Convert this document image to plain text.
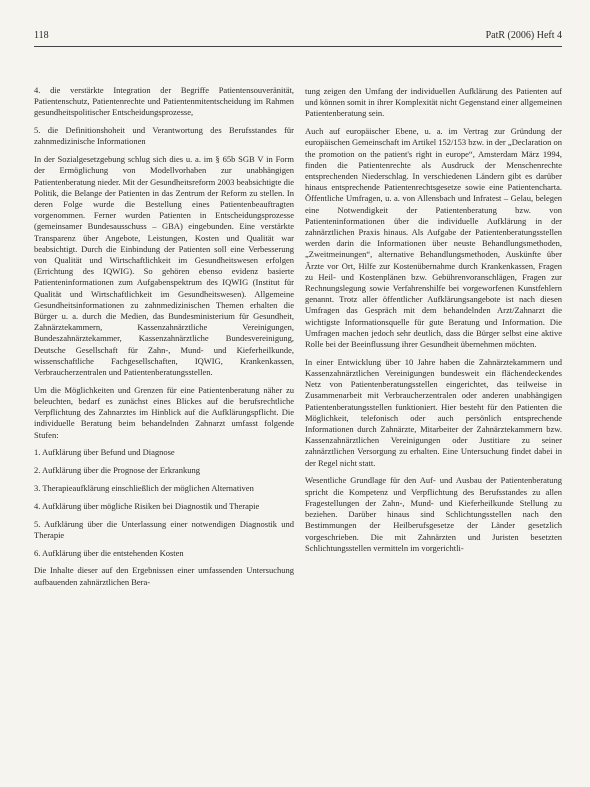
118	PatR (2006) Heft 4

4. die verstärkte Integration der Begriffe Patientensouveränität, Patientenschutz, Patientenrechte und Patientenmitentscheidung im Rahmen gesundheitspolitischer Entscheidungsprozesse,

5. die Definitionshoheit und Verantwortung des Berufsstandes für zahnmedizinische Informationen

In der Sozialgesetzgebung schlug sich dies u. a. im § 65b SGB V in Form der Ermöglichung von Modellvorhaben zur unabhängigen Patientenberatung nieder. Mit der Gesundheitsreform 2003 beabsichtigte die Politik, die Belange der Patienten in das Zentrum der Reform zu stellen. In deren Folge wurde die Bestellung eines Patientenbeauftragten vorgenommen. Ferner wurden Patienten in Entscheidungsprozesse (gemeinsamer Bundesausschuss – GBA) eingebunden. Eine verstärkte Transparenz über Angebote, Leistungen, Kosten und Qualität war beabsichtigt. Durch die Einbindung der Patienten soll eine Verbesserung von Qualität und Wirtschaftlichkeit im Gesundheitswesen erfolgen (Errichtung des IQWIG). So gehören ebenso evidenz basierte Patienteninformationen zum Aufgabenspektrum des IQWIG (Institut für Qualität und Wirtschaftlichkeit im Gesundheitswesen). Allgemeine Gesundheitsinformationen zu zahnmedizinischen Themen erhalten die Bürger u. a. durch die Medien, das Bundesministerium für Gesundheit, Zahnärztekammern, Kassenzahnärztliche Vereinigungen, Bundeszahnärztekammer, Kassenzahnärztliche Bundesvereinigung, Deutsche Gesellschaft für Zahn-, Mund- und Kieferheilkunde, wissenschaftliche Fachgesellschaften, IQWIG, Krankenkassen, Verbraucherzentralen und Patientenberatungsstellen.

Um die Möglichkeiten und Grenzen für eine Patientenberatung näher zu beleuchten, bedarf es zunächst eines Blickes auf die berufsrechtliche Verpflichtung des Zahnarztes im Hinblick auf die Aufklärungspflicht. Die individuelle Beratung beim behandelnden Zahnarzt umfasst folgende Stufen:

1. Aufklärung über Befund und Diagnose

2. Aufklärung über die Prognose der Erkrankung

3. Therapieaufklärung einschließlich der möglichen Alternativen

4. Aufklärung über mögliche Risiken bei Diagnostik und Therapie

5. Aufklärung über die Unterlassung einer notwendigen Diagnostik und Therapie

6. Aufklärung über die entstehenden Kosten

Die Inhalte dieser auf den Ergebnissen einer umfassenden Untersuchung aufbauenden zahnärztlichen Bera-

tung zeigen den Umfang der individuellen Aufklärung des Patienten auf und können somit in ihrer Komplexität nicht Gegenstand einer allgemeinen Patientenberatung sein.

Auch auf europäischer Ebene, u. a. im Vertrag zur Gründung der europäischen Gemeinschaft im Artikel 152/153 bzw. in der „Declaration on the promotion on the patient's right in europe“, Amsterdam März 1994, finden die Patientenrechte als Ausdruck der Menschenrechte entsprechenden Niederschlag. In verschiedenen Ländern gibt es darüber hinaus entsprechende Patientenrechtsgesetze sowie eine Patientencharta. Öffentliche Umfragen, u. a. von Allensbach und Infratest – Gelau, belegen eine Notwendigkeit der Patientenberatung bzw. von Patienteninformationen über die individuelle Aufklärung in der zahnärztlichen Praxis hinaus. Als Aufgabe der Patientenberatungsstellen werden darin die Informationen über neuste Behandlungsmethoden, „Zweitmeinungen“, alternative Behandlungsmethoden, Auskünfte über Ärzte vor Ort, Hilfe zur Kostenübernahme durch Krankenkassen, Fragen zu Heil- und Kostenplänen bzw. Gebührenvoranschlägen, Fragen zur Rechnungslegung sowie Verfahrenshilfe bei vorgeworfenen Kunstfehlern genannt. Trotz aller öffentlicher Aufklärungsangebote ist nach diesen Umfragen das Gespräch mit dem behandelnden Arzt/Zahnarzt die wichtigste Informationsquelle für gute Beratung und Information. Die Umfragen machen jedoch sehr deutlich, dass die Bürger selbst eine aktive Rolle bei der Beeinflussung ihrer Gesundheit übernehmen möchten.

In einer Entwicklung über 10 Jahre haben die Zahnärztekammern und Kassenzahnärztlichen Vereinigungen bundesweit ein flächendeckendes Netz von Patientenberatungsstellen eingerichtet, das teilweise in Zusammenarbeit mit Verbraucherzentralen oder anderen unabhängigen Patientenberatungsstellen funktioniert. Hier besteht für den Patienten die Möglichkeit, telefonisch oder auch persönlich entsprechende Informationen durch Zahnärzte, Mitarbeiter der Zahnärztekammern bzw. Kassenzahnärztlichen Vereinigungen oder Justitiare zu seiner zahnärztlichen Versorgung zu erhalten. Eine Untersuchung findet dabei in der Regel nicht statt.

Wesentliche Grundlage für den Auf- und Ausbau der Patientenberatung spricht die Kompetenz und Verpflichtung des Berufsstandes zu allen Fragestellungen der Zahn-, Mund- und Kieferheilkunde Stellung zu beziehen. Darüber hinaus sind Schlichtungsstellen nach den Bestimmungen der Heilberufsgesetze der Länder gesetzlich vorgeschrieben. Die mit Zahnärzten und Juristen besetzten Schlichtungsstellen vermitteln im vorgerichtli-
